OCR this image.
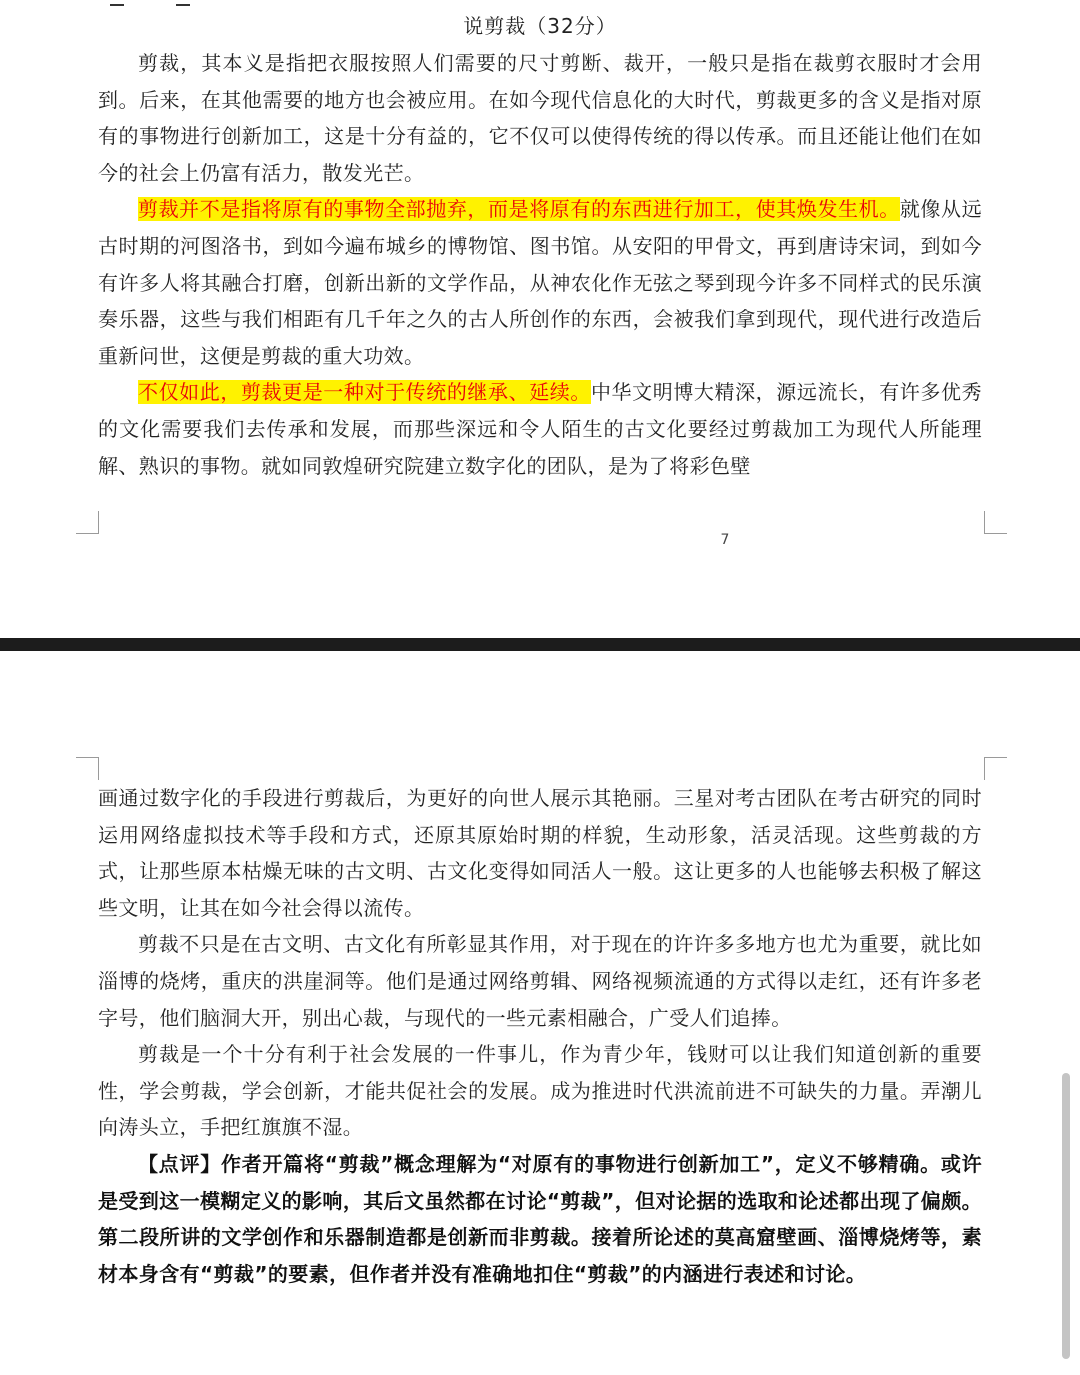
说剪裁（32分）

剪裁，其本义是指把衣服按照人们需要的尺寸剪断、裁开，一般只是指在裁剪衣服时才会用到。后来，在其他需要的地方也会被应用。在如今现代信息化的大时代，剪裁更多的含义是指对原有的事物进行创新加工，这是十分有益的，它不仅可以使得传统的得以传承。而且还能让他们在如今的社会上仍富有活力，散发光芒。

剪裁并不是指将原有的事物全部抛弃，而是将原有的东西进行加工，使其焕发生机。就像从远古时期的河图洛书，到如今遍布城乡的博物馆、图书馆。从安阳的甲骨文，再到唐诗宋词，到如今有许多人将其融合打磨，创新出新的文学作品，从神农化作无弦之琴到现今许多不同样式的民乐演奏乐器，这些与我们相距有几千年之久的古人所创作的东西，会被我们拿到现代，现代进行改造后重新问世，这便是剪裁的重大功效。

不仅如此，剪裁更是一种对于传统的继承、延续。中华文明博大精深，源远流长，有许多优秀的文化需要我们去传承和发展，而那些深远和令人陌生的古文化要经过剪裁加工为现代人所能理解、熟识的事物。就如同敦煌研究院建立数字化的团队，是为了将彩色壁

7

画通过数字化的手段进行剪裁后，为更好的向世人展示其艳丽。三星对考古团队在考古研究的同时运用网络虚拟技术等手段和方式，还原其原始时期的样貌，生动形象，活灵活现。这些剪裁的方式，让那些原本枯燥无味的古文明、古文化变得如同活人一般。这让更多的人也能够去积极了解这些文明，让其在如今社会得以流传。

剪裁不只是在古文明、古文化有所彰显其作用，对于现在的许许多多地方也尤为重要，就比如淄博的烧烤，重庆的洪崖洞等。他们是通过网络剪辑、网络视频流通的方式得以走红，还有许多老字号，他们脑洞大开，别出心裁，与现代的一些元素相融合，广受人们追捧。

剪裁是一个十分有利于社会发展的一件事儿，作为青少年，钱财可以让我们知道创新的重要性，学会剪裁，学会创新，才能共促社会的发展。成为推进时代洪流前进不可缺失的力量。弄潮儿向涛头立，手把红旗旗不湿。

【点评】作者开篇将“剪裁”概念理解为“对原有的事物进行创新加工”，定义不够精确。或许是受到这一模糊定义的影响，其后文虽然都在讨论“剪裁”，但对论据的选取和论述都出现了偏颇。第二段所讲的文学创作和乐器制造都是创新而非剪裁。接着所论述的莫高窟壁画、淄博烧烤等，素材本身含有“剪裁”的要素，但作者并没有准确地扣住“剪裁”的内涵进行表述和讨论。
